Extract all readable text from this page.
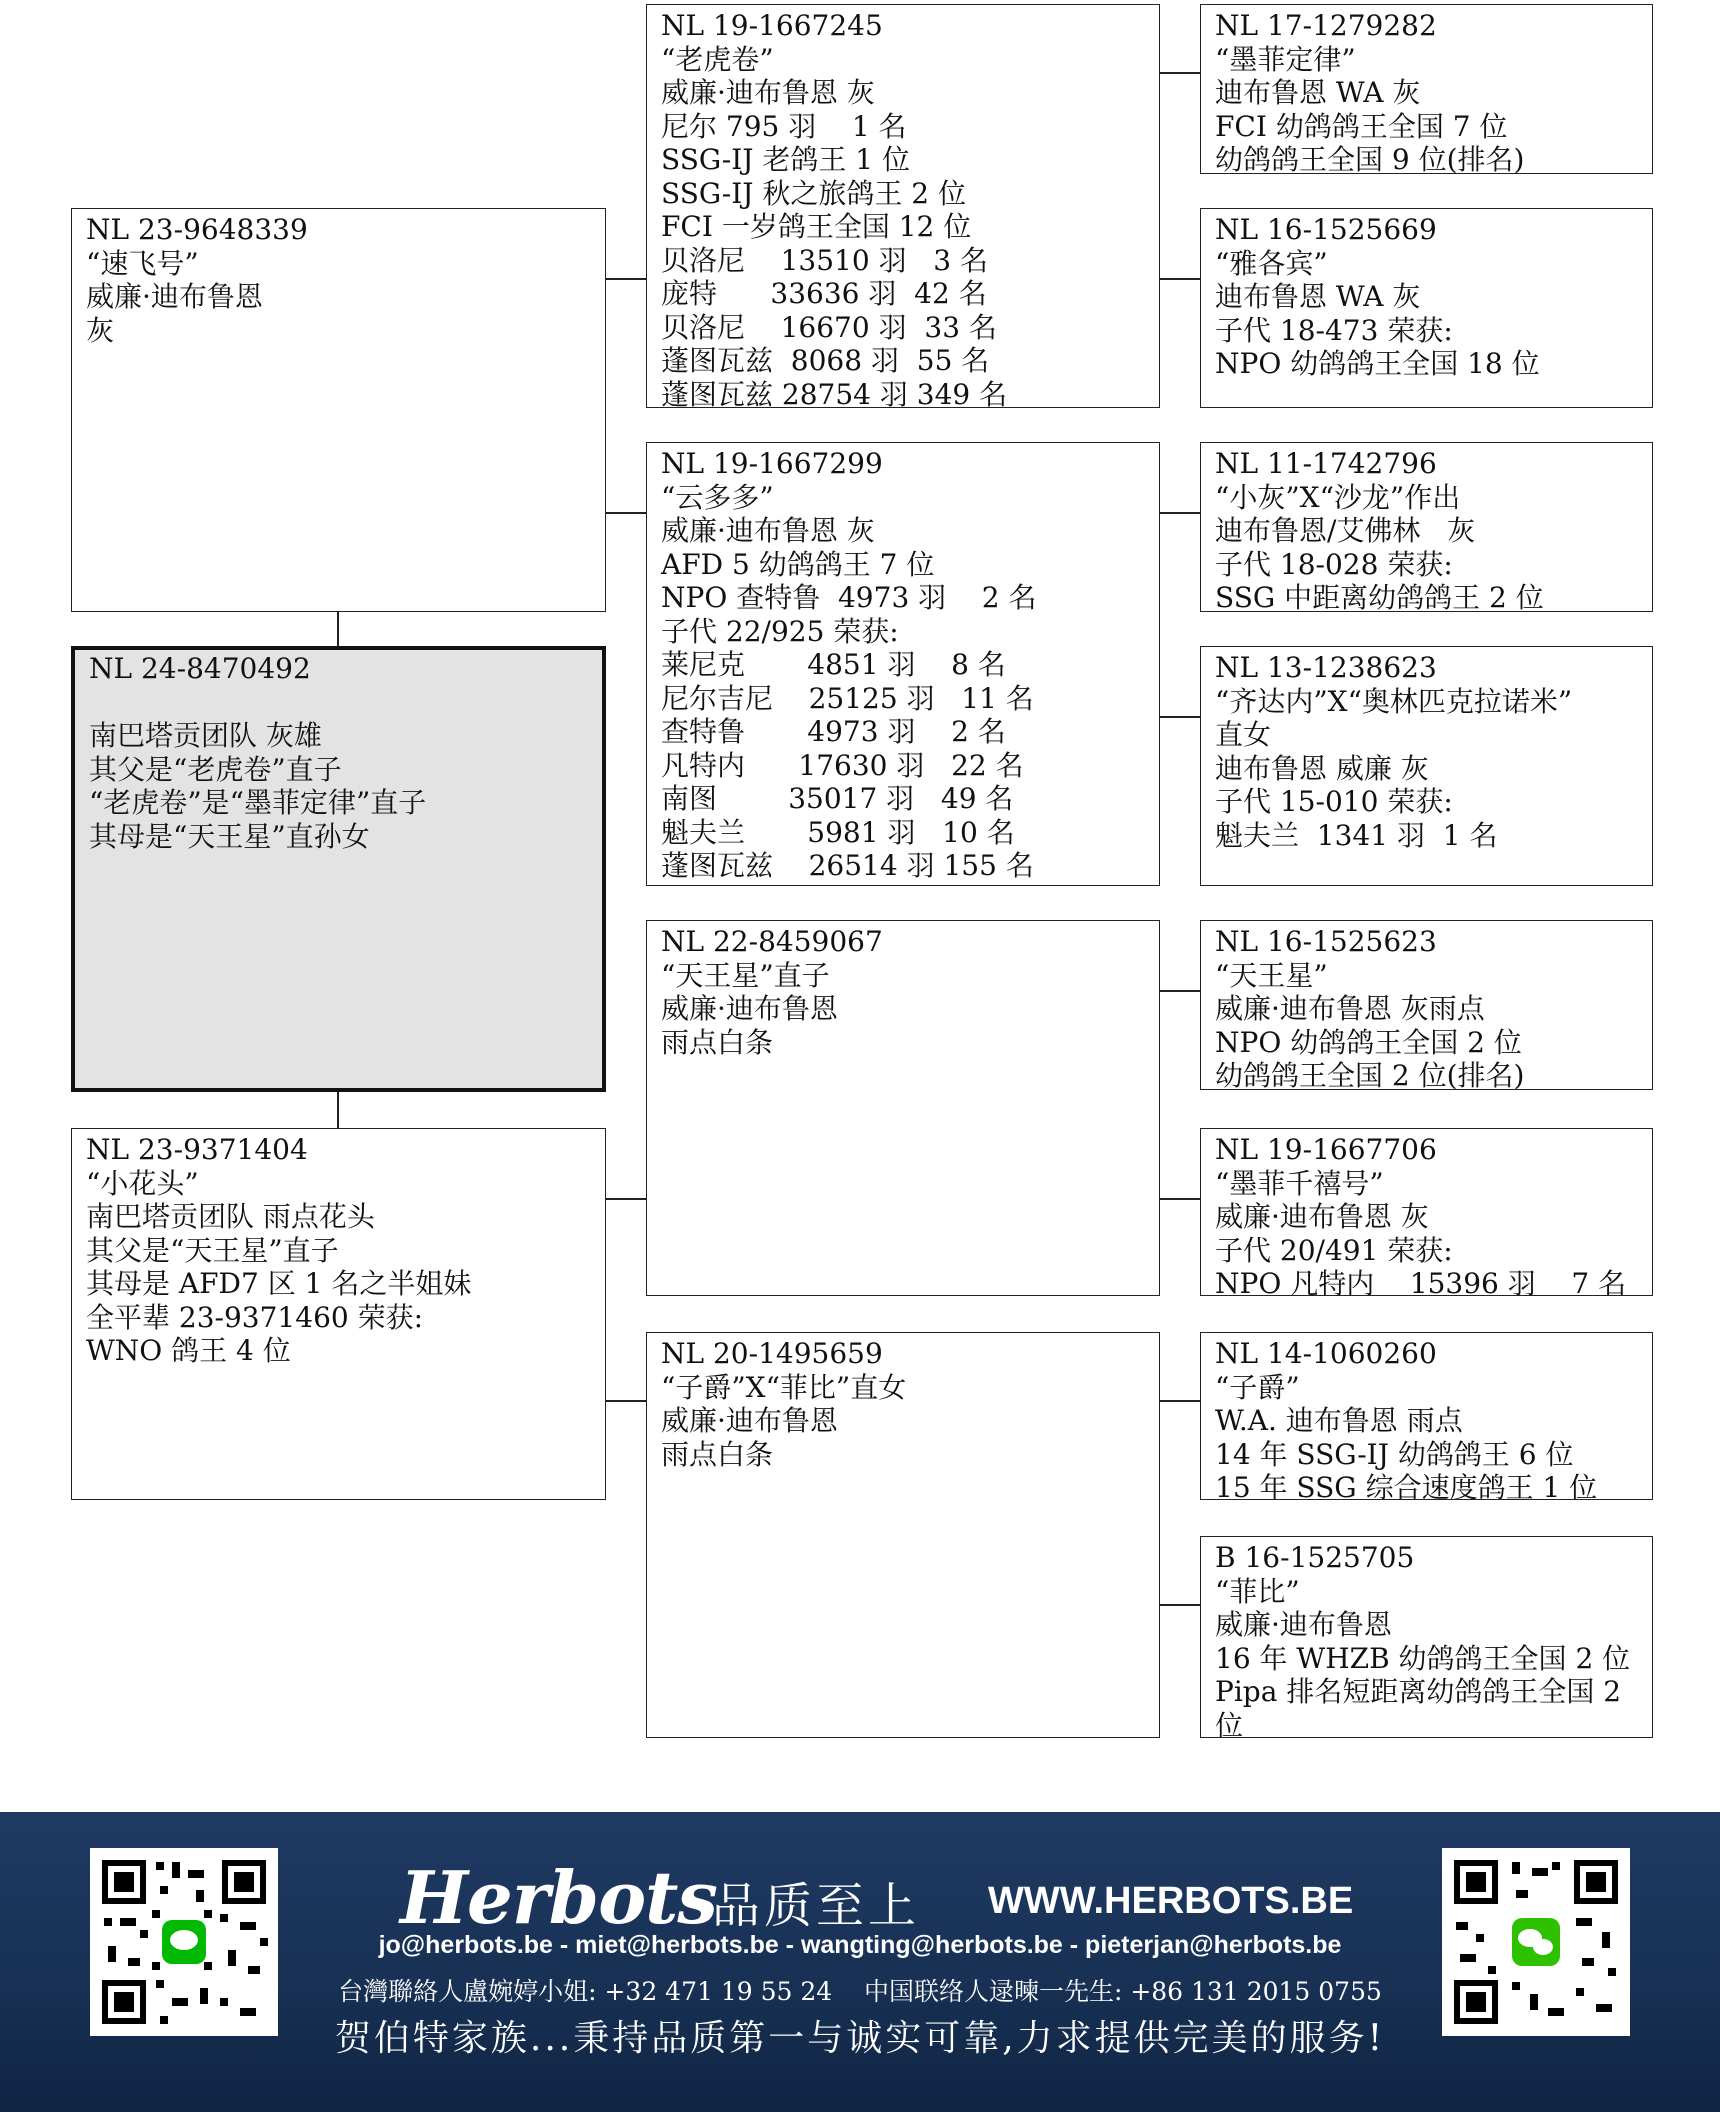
NL 23-9648339
“速飞号”
威廉·迪布鲁恩
灰
NL 24-8470492

南巴塔贡团队 灰雄
其父是“老虎卷”直子
“老虎卷”是“墨菲定律”直子
其母是“天王星”直孙女
NL 23-9371404
“小花头”
南巴塔贡团队 雨点花头
其父是“天王星”直子
其母是 AFD7 区 1 名之半姐妹
全平辈 23-9371460 荣获:
WNO 鸽王 4 位
NL 19-1667245
“老虎卷”
威廉·迪布鲁恩 灰
尼尔 795 羽    1 名
SSG-IJ 老鸽王 1 位
SSG-IJ 秋之旅鸽王 2 位
FCI 一岁鸽王全国 12 位
贝洛尼    13510 羽   3 名
庞特      33636 羽  42 名
贝洛尼    16670 羽  33 名
蓬图瓦兹  8068 羽  55 名
蓬图瓦兹 28754 羽 349 名
NL 19-1667299
“云多多”
威廉·迪布鲁恩 灰
AFD 5 幼鸽鸽王 7 位
NPO 查特鲁  4973 羽    2 名
子代 22/925 荣获:
莱尼克       4851 羽    8 名
尼尔吉尼    25125 羽   11 名
查特鲁       4973 羽    2 名
凡特内      17630 羽   22 名
南图        35017 羽   49 名
魁夫兰       5981 羽   10 名
蓬图瓦兹    26514 羽 155 名
NL 22-8459067
“天王星”直子
威廉·迪布鲁恩
雨点白条
NL 20-1495659
“子爵”X“菲比”直女
威廉·迪布鲁恩
雨点白条
NL 17-1279282
“墨菲定律”
迪布鲁恩 WA 灰
FCI 幼鸽鸽王全国 7 位
幼鸽鸽王全国 9 位(排名)
NL 16-1525669
“雅各宾”
迪布鲁恩 WA 灰
子代 18-473 荣获:
NPO 幼鸽鸽王全国 18 位
NL 11-1742796
“小灰”X“沙龙”作出
迪布鲁恩/艾佛林   灰
子代 18-028 荣获:
SSG 中距离幼鸽鸽王 2 位
NL 13-1238623
“齐达内”X“奥林匹克拉诺米”
直女
迪布鲁恩 威廉 灰
子代 15-010 荣获:
魁夫兰  1341 羽  1 名
NL 16-1525623
“天王星”
威廉·迪布鲁恩 灰雨点
NPO 幼鸽鸽王全国 2 位
幼鸽鸽王全国 2 位(排名)
NL 19-1667706
“墨菲千禧号”
威廉·迪布鲁恩 灰
子代 20/491 荣获:
NPO 凡特内    15396 羽    7 名
NL 14-1060260
“子爵”
W.A. 迪布鲁恩 雨点
14 年 SSG-IJ 幼鸽鸽王 6 位
15 年 SSG 综合速度鸽王 1 位
B 16-1525705
“菲比”
威廉·迪布鲁恩
16 年 WHZB 幼鸽鸽王全国 2 位
Pipa 排名短距离幼鸽鸽王全国 2
位
Herbots
品质至上 WWW.HERBOTS.BE
jo@herbots.be - miet@herbots.be - wangting@herbots.be - pieterjan@herbots.be
台灣聯絡人盧婉婷小姐: +32 471 19 55 24    中国联络人逯暕一先生: +86 131 2015 0755
贺伯特家族...秉持品质第一与诚实可靠,力求提供完美的服务!
